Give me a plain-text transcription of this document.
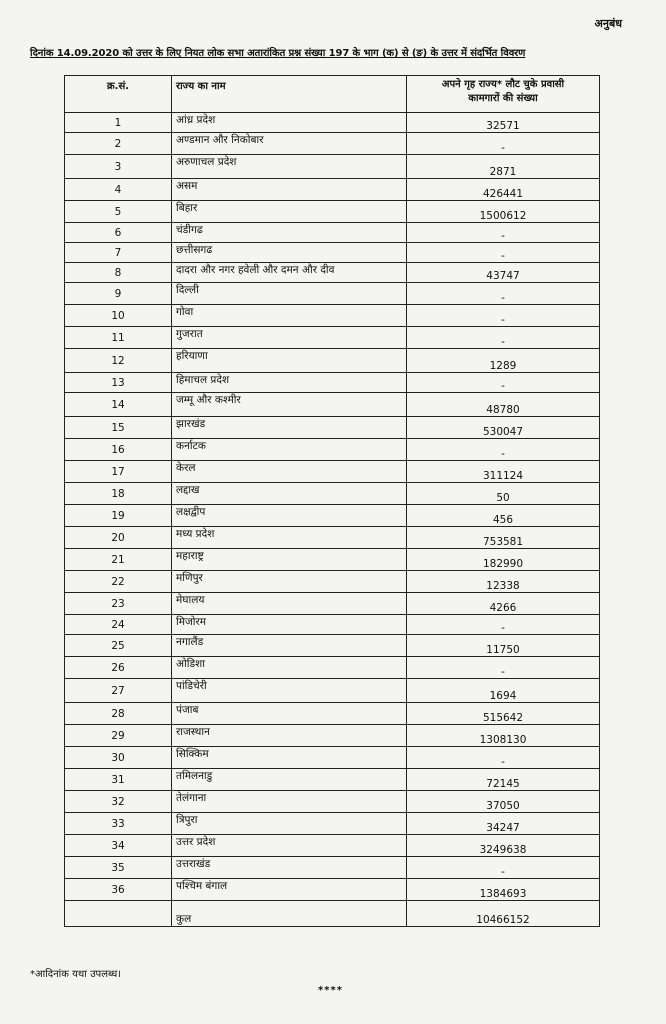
अनुबंध
दिनांक 14.09.2020 को उत्तर के लिए नियत लोक सभा अतारांकित प्रश्न संख्या 197 के भाग (क) से (ङ) के उत्तर में संदर्भित विवरण
क्र.सं.	राज्य का नाम	अपने गृह राज्य* लौट चुके प्रवासी
कामगारों की संख्या

1	आंध्र प्रदेश	32571
2	अण्डमान और निकोबार	-
3	अरुणाचल प्रदेश	2871
4	असम	426441
5	बिहार	1500612
6	चंडीगढ	-
7	छत्तीसगढ	-
8	दादरा और नगर हवेली और दमन और दीव	43747
9	दिल्ली	-
10	गोवा	-
11	गुजरात	-
12	हरियाणा	1289
13	हिमाचल प्रदेश	-
14	जम्मू और कश्मीर	48780
15	झारखंड	530047
16	कर्नाटक	-
17	केरल	311124
18	लद्दाख	50
19	लक्षद्वीप	456
20	मध्य प्रदेश	753581
21	महाराष्ट्र	182990
22	मणिपुर	12338
23	मेघालय	4266
24	मिजोरम	-
25	नगालैंड	11750
26	ओडिशा	-
27	पांडिचेरी	1694
28	पंजाब	515642
29	राजस्थान	1308130
30	सिक्किम	-
31	तमिलनाडु	72145
32	तेलंगाना	37050
33	त्रिपुरा	34247
34	उत्तर प्रदेश	3249638
35	उत्तराखंड	-
36	पश्चिम बंगाल	1384693
	कुल	10466152
*आदिनांक यथा उपलब्ध।
****
